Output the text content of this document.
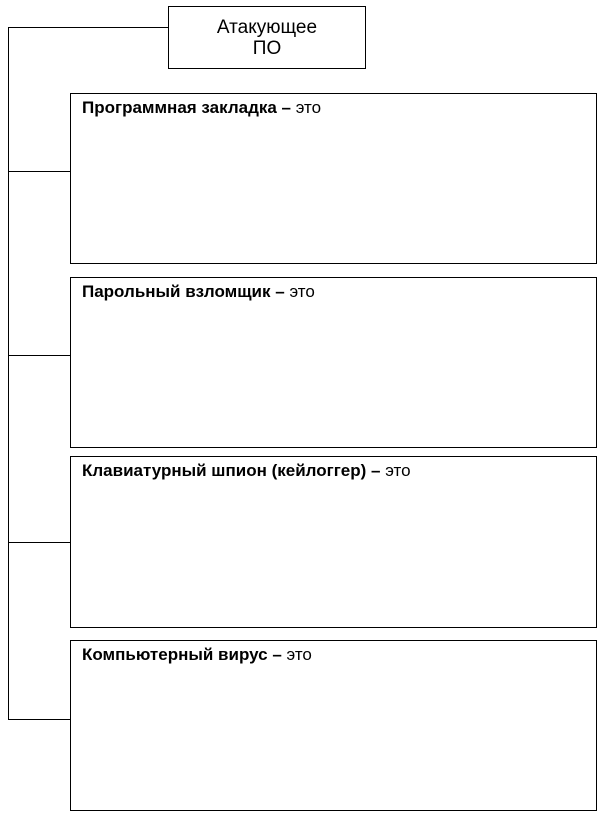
Атакующее
ПО
Программная закладка – это
Парольный взломщик – это
Клавиатурный шпион (кейлоггер) – это
Компьютерный вирус – это
